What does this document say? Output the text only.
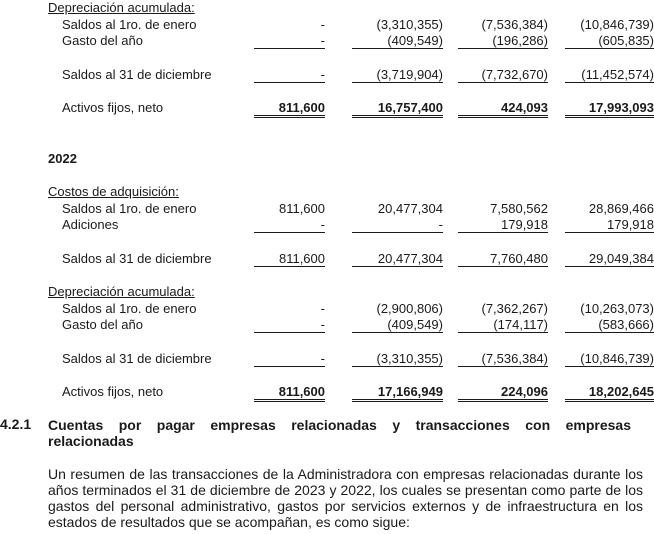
Depreciación acumulada:
Saldos al 1ro. de enero	-	(3,310,355)	(7,536,384)	(10,846,739)
Gasto del año	-	(409,549)	(196,286)	(605,835)
Saldos al 31 de diciembre	-	(3,719,904)	(7,732,670)	(11,452,574)
Activos fijos, neto	811,600	16,757,400	424,093	17,993,093
2022
Costos de adquisición:
Saldos al 1ro. de enero	811,600	20,477,304	7,580,562	28,869,466
Adiciones	-	-	179,918	179,918
Saldos al 31 de diciembre	811,600	20,477,304	7,760,480	29,049,384
Depreciación acumulada:
Saldos al 1ro. de enero	-	(2,900,806)	(7,362,267)	(10,263,073)
Gasto del año	-	(409,549)	(174,117)	(583,666)
Saldos al 31 de diciembre	-	(3,310,355)	(7,536,384)	(10,846,739)
Activos fijos, neto	811,600	17,166,949	224,096	18,202,645
4.2.1 Cuentas por pagar empresas relacionadas y transacciones con empresas
relacionadas
Un resumen de las transacciones de la Administradora con empresas relacionadas durante los años terminados el 31 de diciembre de 2023 y 2022, los cuales se presentan como parte de los gastos del personal administrativo, gastos por servicios externos y de infraestructura en los estados de resultados que se acompañan, es como sigue:
